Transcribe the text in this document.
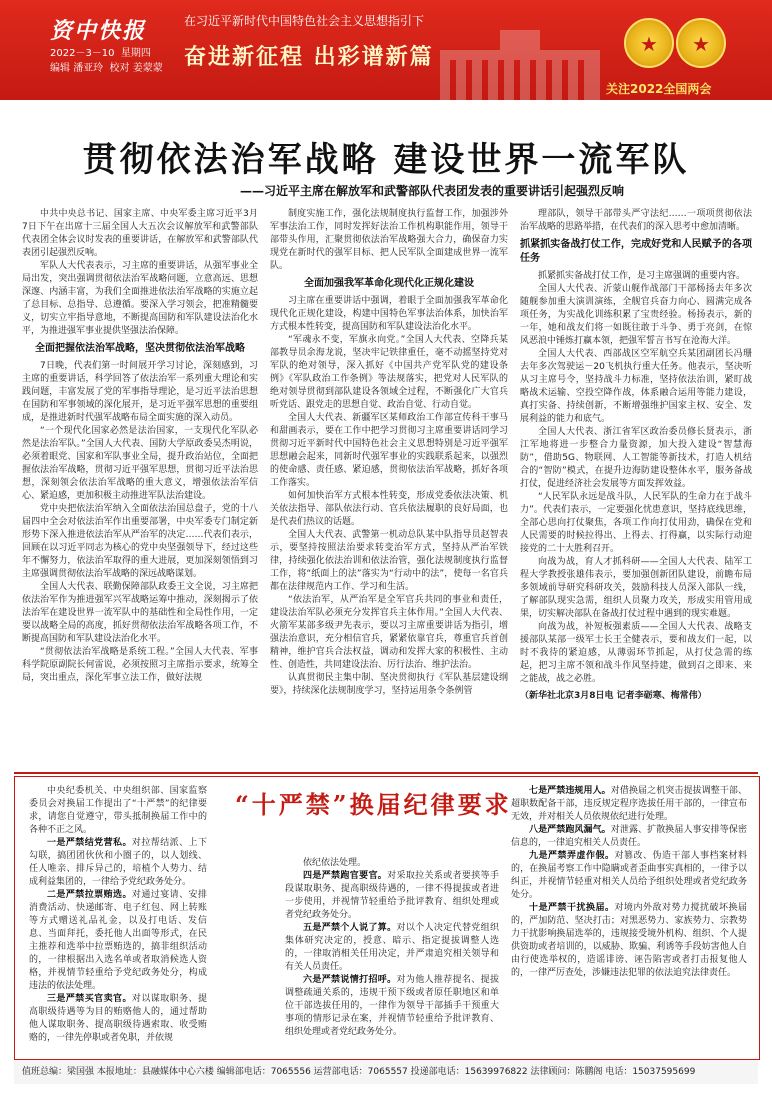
资中快报
2022－3－10 星期四
编辑 潘亚玲 校对 姜蒙蒙
在习近平新时代中国特色社会主义思想指引下
奋进新征程 出彩谱新篇	★	★
关注2022全国两会
贯彻依法治军战略 建设世界一流军队
——习近平主席在解放军和武警部队代表团发表的重要讲话引起强烈反响

中共中央总书记、国家主席、中央军委主席习近平3月7日下午在出席十三届全国人大五次会议解放军和武警部队代表团全体会议时发表的重要讲话，在解放军和武警部队代表团引起强烈反响。

军队人大代表表示，习主席的重要讲话，从强军事业全局出发，突出强调贯彻依法治军战略问题，立意高远、思想深邃、内涵丰富，为我们全面推进依法治军战略的实施立起了总目标、总指导、总遵循。要深入学习领会，把准精髓要义，切实立牢指导意地，不断提高国防和军队建设法治化水平，为推进强军事业提供坚强法治保障。

全面把握依法治军战略，坚决贯彻依法治军战略

7日晚，代表们第一时间展开学习讨论，深刻感到，习主席的重要讲话，科学回答了依法治军一系列重大理论和实践问题，丰富发展了党的军事指导理论，是习近平法治思想在国防和军事领域的深化展开，是习近平强军思想的重要组成，是推进新时代强军战略布局全面实施的深入动员。

“一个现代化国家必然是法治国家，一支现代化军队必然是法治军队。”全国人大代表、国防大学原政委吴杰明说，必须着眼党、国家和军队事业全局，提升政治站位，全面把握依法治军战略，贯彻习近平强军思想，贯彻习近平法治思想，深刻领会依法治军战略的重大意义，增强依法治军信心、紧迫感，更加积极主动推进军队法治建设。

党中央把依法治军纳入全面依法治国总盘子，党的十八届四中全会对依法治军作出重要部署，中央军委专门制定新形势下深入推进依法治军从严治军的决定……代表们表示，回顾在以习近平同志为核心的党中央坚强领导下，经过这些年不懈努力，依法治军取得的重大进展，更加深刻领悟到习主席强调贯彻依法治军战略的深远战略谋划。

全国人大代表、联勤保障部队政委王文全说，习主席把依法治军作为推进强军兴军战略运筹中推动，深刻揭示了依法治军在建设世界一流军队中的基础性和全局性作用，一定要以战略全局的高度，抓好贯彻依法治军战略各项工作，不断提高国防和军队建设法治化水平。

“贯彻依法治军战略是系统工程。”全国人大代表、军事科学院原副院长何雷说，必须按照习主席指示要求，统筹全局，突出重点，深化军事立法工作，做好法规

制度实施工作，强化法规制度执行监督工作，加强涉外军事法治工作，同时发挥好法治工作机构职能作用，领导干部带头作用，汇聚贯彻依法治军战略强大合力，确保奋力实现党在新时代的强军目标、把人民军队全面建成世界一流军队。

全面加强我军革命化现代化正规化建设

习主席在重要讲话中强调，着眼于全面加强我军革命化现代化正规化建设，构建中国特色军事法治体系，加快治军方式根本性转变，提高国防和军队建设法治化水平。

“军魂永不变，军旗永向党。”全国人大代表、空降兵某部教导员余海龙说，坚决牢记铁律重任，毫不动摇坚持党对军队的绝对领导，深入抓好《中国共产党军队党的建设条例》《军队政治工作条例》等法规落实，把党对人民军队的绝对领导贯彻到部队建设各领域全过程，不断强化广大官兵听党话、跟党走的思想自觉、政治自觉、行动自觉。

全国人大代表、新疆军区某师政治工作部宣传科干事马和甜画表示，要在工作中把学习贯彻习主席重要讲话同学习贯彻习近平新时代中国特色社会主义思想特别是习近平强军思想融会起来，同新时代强军事业的实践联系起来，以强烈的使命感、责任感、紧迫感，贯彻依法治军战略，抓好各项工作落实。

如何加快治军方式根本性转变，形成党委依法决策、机关依法指导、部队依法行动、官兵依法履职的良好局面，也是代表们热议的话题。

全国人大代表、武警第一机动总队某中队指导员赵智表示，要坚持按照法治要求转变治军方式，坚持从严治军铁律，持续强化依法治训和依法治管，强化法规制度执行监督工作，将“纸面上的法”落实为“行动中的法”，使每一名官兵都在法律规范内工作、学习和生活。

“依法治军，从严治军是全军官兵共同的事业和责任，建设法治军队必须充分发挥官兵主体作用。”全国人大代表、火箭军某部多级尹先表示，要以习主席重要讲话为指引，增强法治意识，充分相信官兵，紧紧依靠官兵，尊重官兵首创精神，维护官兵合法权益，调动和发挥大家的积极性、主动性、创造性，共同建设法治、厉行法治、维护法治。

认真贯彻民主集中制、坚决贯彻执行《军队基层建设纲要》，持续深化法规制度学习，坚持运用条令条例管

理部队，领导干部带头严守法纪……一项项贯彻依法治军战略的思路举措，在代表们的深入思考中愈加清晰。

抓紧抓实备战打仗工作，完成好党和人民赋予的各项任务

抓紧抓实备战打仗工作，是习主席强调的重要内容。

全国人大代表、沂蒙山舰作战部门干部杨扬去年多次随舰参加重大演训演练，全舰官兵奋力向心、圆满完成各项任务，为实战化训练积累了宝贵经验。杨扬表示，新的一年，她和战友们将一如既往敢于斗争、勇于亮剑，在惊风恶浪中锤炼打赢本领，把强军誓言书写在沧海大洋。

全国人大代表、西部战区空军航空兵某团副团长冯珊去年多次驾驶运－20飞机执行重大任务。他表示，坚决听从习主席号令，坚持战斗力标准，坚持依法治训，紧盯战略战术运输、空投空降作战，体系融合运用等能力建设，真打实备、持续创新，不断增强维护国家主权、安全、发展利益的能力和底气。

全国人大代表、浙江省军区政治委员修长贤表示，浙江军地将进一步整合力量资源，加大投入建设“智慧海防”，借助5G、物联网、人工智能等新技术，打造人机结合的“智防”模式，在提升边海防建设整体水平，服务备战打仗，促进经济社会发展等方面发挥效益。

“人民军队永远是战斗队，人民军队的生命力在于战斗力”。代表们表示，一定要强化忧患意识，坚持底线思维，全部心思向打仗聚焦，各项工作向打仗用劲，确保在党和人民需要的时候拉得出、上得去、打得赢，以实际行动迎接党的二十大胜利召开。

向战为战，育人才抓科研——全国人大代表、陆军工程大学教授张雄伟表示，要加强创新团队建设，前瞻布局多领域前导研究科研攻关，鼓励科技人员深入部队一线，了解部队现实急需，组织人员聚力攻关，形成实用管用成果，切实解决部队在备战打仗过程中遇到的现实难题。

向战为战，补短板强素质——全国人大代表、战略支援部队某部一级军士长王全健表示，要和战友们一起，以时不我待的紧迫感，从薄弱环节抓起，从打仗急需的练起，把习主席不领和战斗作风坚持建，做到召之即来、来之能战，战之必胜。

（新华社北京3月8日电 记者李砺寒、梅常伟）

“十严禁”换届纪律要求

中央纪委机关、中央组织部、国家监察委员会对换届工作提出了“十严禁”的纪律要求，请您自觉遵守，带头抵制换届工作中的各种不正之风。

一是严禁结党营私。对拉帮结派、上下勾联，搞团团伙伙和小圈子的，以人划线、任人唯亲、排斥异己的，培植个人势力、结成利益集团的，一律给予党纪政务处分。

二是严禁拉票贿选。对通过宴请、安排消费活动、快递邮寄、电子红包、网上转账等方式赠送礼品礼金，以及打电话、发信息、当面拜托，委托他人出面等形式，在民主推荐和选举中拉票贿选的，搞非组织活动的，一律根据出入选名单或者取消候选人资格，并视情节轻重给予党纪政务处分，构成违法的依法处理。

三是严禁买官卖官。对以谋取职务、提高职级待遇等为目的贿赂他人的，通过帮助他人谋取职务、提高职级待遇索取、收受贿赂的，一律先停职或者免职，并依规

依纪依法处理。

四是严禁跑官要官。对采取拉关系或者要挟等手段谋取职务、提高职级待遇的，一律不得提拔或者进一步使用，并视情节轻重给予批评教育、组织处理或者党纪政务处分。

五是严禁个人说了算。对以个人决定代替党组织集体研究决定的，授意、暗示、指定提拔调整人选的，一律取消相关任用决定，并严肃追究相关领导和有关人员责任。

六是严禁说情打招呼。对为他人推荐提名、提拔调整疏通关系的，违规干预下级或者原任职地区和单位干部选拔任用的，一律作为领导干部插手干预重大事项的情形记录在案，并视情节轻重给予批评教育、组织处理或者党纪政务处分。

七是严禁违规用人。对借换届之机突击提拔调整干部、超职数配备干部，违反规定程序选拔任用干部的，一律宣布无效，并对相关人员依规依纪进行处理。

八是严禁跑风漏气。对泄露、扩散换届人事安排等保密信息的，一律追究相关人员责任。

九是严禁弄虚作假。对篡改、伪造干部人事档案材料的，在换届考察工作中隐瞒或者歪曲事实真相的，一律予以纠正，并视情节轻重对相关人员给予组织处理或者党纪政务处分。

十是严禁干扰换届。对境内外敌对势力搅扰破坏换届的，严加防范、坚决打击；对黑恶势力、家族势力、宗教势力干扰影响换届选举的，违规接受境外机构、组织、个人提供资助或者培训的，以威胁、欺骗、利诱等手段妨害他人自由行使选举权的，造谣诽谤、诬告陷害或者打击报复他人的，一律严厉查处，涉嫌违法犯罪的依法追究法律责任。

值班总编：梁国强 本报地址：县融媒体中心六楼 编辑部电话：7065556 运营部电话：7065557 投递部电话：15639976822 法律顾问：陈鹏阁 电话：15037595699
